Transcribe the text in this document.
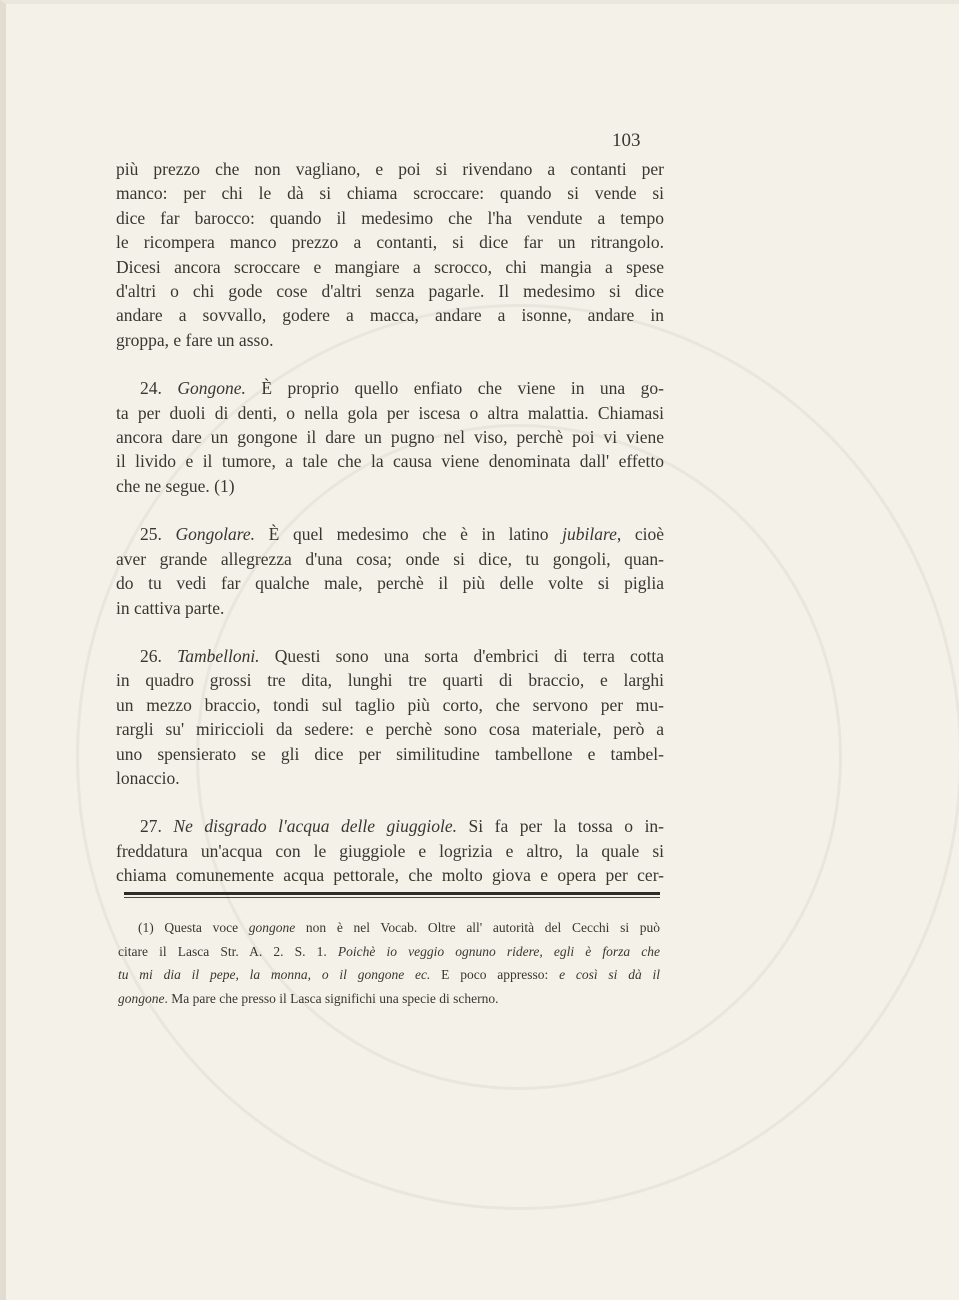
103
più prezzo che non vagliano, e poi si rivendano a contanti per
manco: per chi le dà si chiama scroccare: quando si vende si
dice far barocco: quando il medesimo che l'ha vendute a tempo
le ricompera manco prezzo a contanti, si dice far un ritrangolo.
Dicesi ancora scroccare e mangiare a scrocco, chi mangia a spese
d'altri o chi gode cose d'altri senza pagarle. Il medesimo si dice
andare a sovvallo, godere a macca, andare a isonne, andare in
groppa, e fare un asso.
24. Gongone. È proprio quello enfiato che viene in una go-
ta per duoli di denti, o nella gola per iscesa o altra malattia. Chiamasi
ancora dare un gongone il dare un pugno nel viso, perchè poi vi viene
il livido e il tumore, a tale che la causa viene denominata dall' effetto
che ne segue. (1)
25. Gongolare. È quel medesimo che è in latino jubilare, cioè
aver grande allegrezza d'una cosa; onde si dice, tu gongoli, quan-
do tu vedi far qualche male, perchè il più delle volte si piglia
in cattiva parte.
26. Tambelloni. Questi sono una sorta d'embrici di terra cotta
in quadro grossi tre dita, lunghi tre quarti di braccio, e larghi
un mezzo braccio, tondi sul taglio più corto, che servono per mu-
rargli su' miriccioli da sedere: e perchè sono cosa materiale, però a
uno spensierato se gli dice per similitudine tambellone e tambel-
lonaccio.
27. Ne disgrado l'acqua delle giuggiole. Si fa per la tossa o in-
freddatura un'acqua con le giuggiole e logrizia e altro, la quale si
chiama comunemente acqua pettorale, che molto giova e opera per cer-
(1) Questa voce gongone non è nel Vocab. Oltre all' autorità del Cecchi si può
citare il Lasca Str. A. 2. S. 1. Poichè io veggio ognuno ridere, egli è forza che
tu mi dia il pepe, la monna, o il gongone ec. E poco appresso: e così si dà il
gongone. Ma pare che presso il Lasca significhi una specie di scherno.
